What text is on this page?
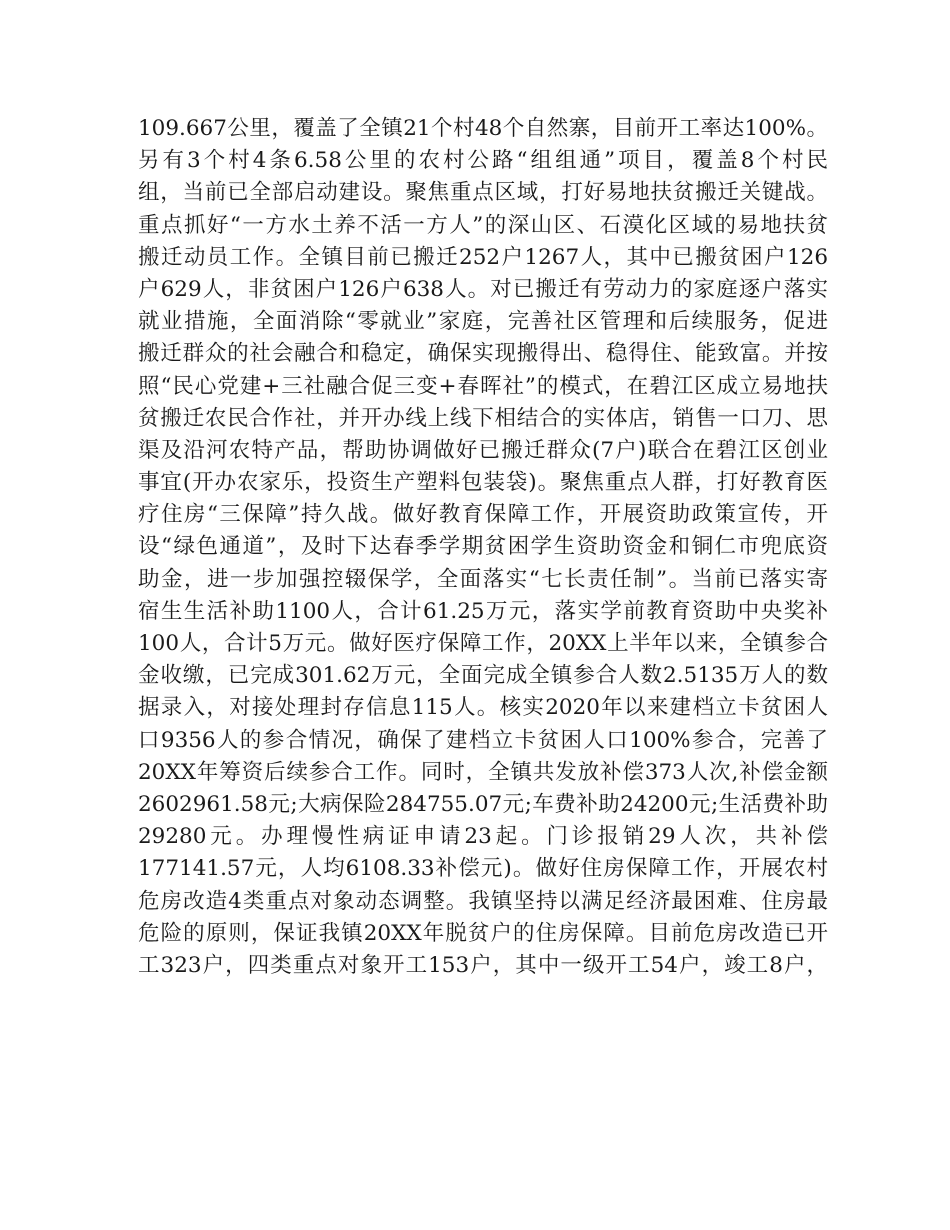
109.667公里，覆盖了全镇21个村48个自然寨，目前开工率达100%。
另有3个村4条6.58公里的农村公路“组组通”项目，覆盖8个村民
组，当前已全部启动建设。聚焦重点区域，打好易地扶贫搬迁关键战。
重点抓好“一方水土养不活一方人”的深山区、石漠化区域的易地扶贫
搬迁动员工作。全镇目前已搬迁252户1267人，其中已搬贫困户126
户629人，非贫困户126户638人。对已搬迁有劳动力的家庭逐户落实
就业措施，全面消除“零就业”家庭，完善社区管理和后续服务，促进
搬迁群众的社会融合和稳定，确保实现搬得出、稳得住、能致富。并按
照“民心党建+三社融合促三变+春晖社”的模式，在碧江区成立易地扶
贫搬迁农民合作社，并开办线上线下相结合的实体店，销售一口刀、思
渠及沿河农特产品，帮助协调做好已搬迁群众(7户)联合在碧江区创业
事宜(开办农家乐，投资生产塑料包装袋)。聚焦重点人群，打好教育医
疗住房“三保障”持久战。做好教育保障工作，开展资助政策宣传，开
设“绿色通道”，及时下达春季学期贫困学生资助资金和铜仁市兜底资
助金，进一步加强控辍保学，全面落实“七长责任制”。当前已落实寄
宿生生活补助1100人，合计61.25万元，落实学前教育资助中央奖补
100人，合计5万元。做好医疗保障工作，20XX上半年以来，全镇参合
金收缴，已完成301.62万元，全面完成全镇参合人数2.5135万人的数
据录入，对接处理封存信息115人。核实2020年以来建档立卡贫困人
口9356人的参合情况，确保了建档立卡贫困人口100%参合，完善了
20XX年筹资后续参合工作。同时，全镇共发放补偿373人次,补偿金额
2602961.58元;大病保险284755.07元;车费补助24200元;生活费补助
29280元。办理慢性病证申请23起。门诊报销29人次，共补偿
177141.57元，人均6108.33补偿元)。做好住房保障工作，开展农村
危房改造4类重点对象动态调整。我镇坚持以满足经济最困难、住房最
危险的原则，保证我镇20XX年脱贫户的住房保障。目前危房改造已开
工323户，四类重点对象开工153户，其中一级开工54户，竣工8户，
